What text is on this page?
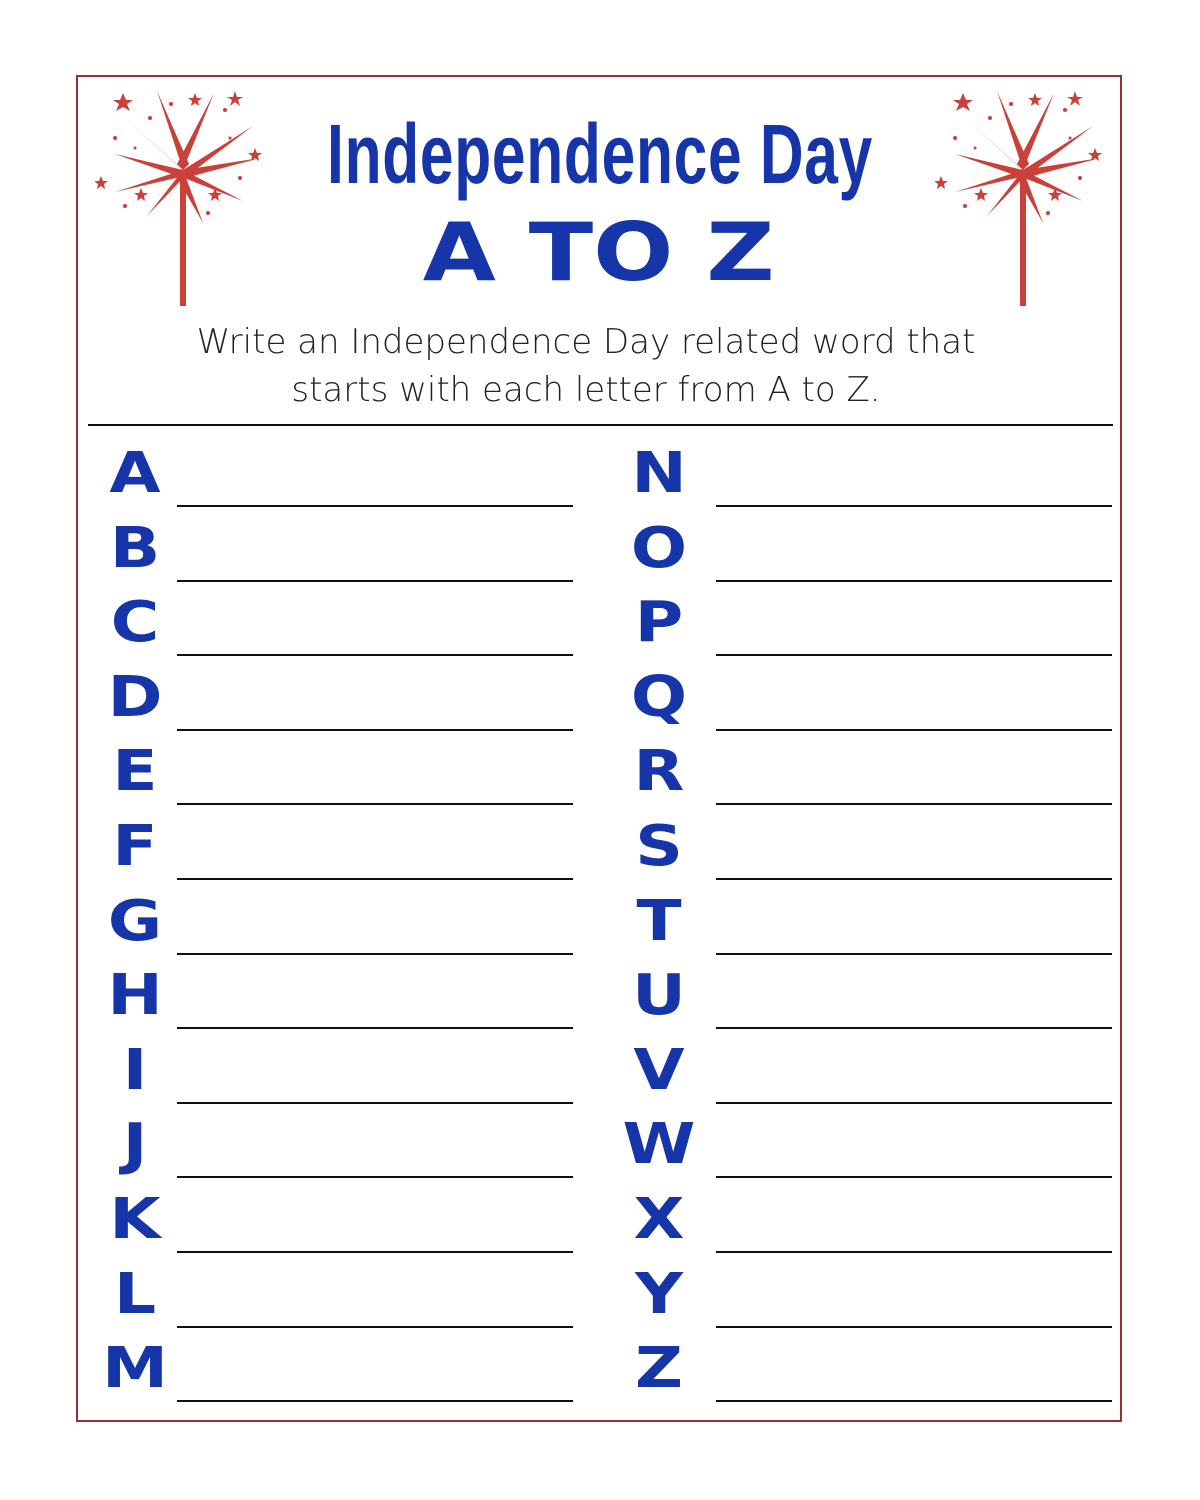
Independence Day
A TO Z
Write an Independence Day related word that
starts with each letter from A to Z.
A
B
C
D
E
F
G
H
I
J
K
L
M
N
O
P
Q
R
S
T
U
V
W
X
Y
Z
